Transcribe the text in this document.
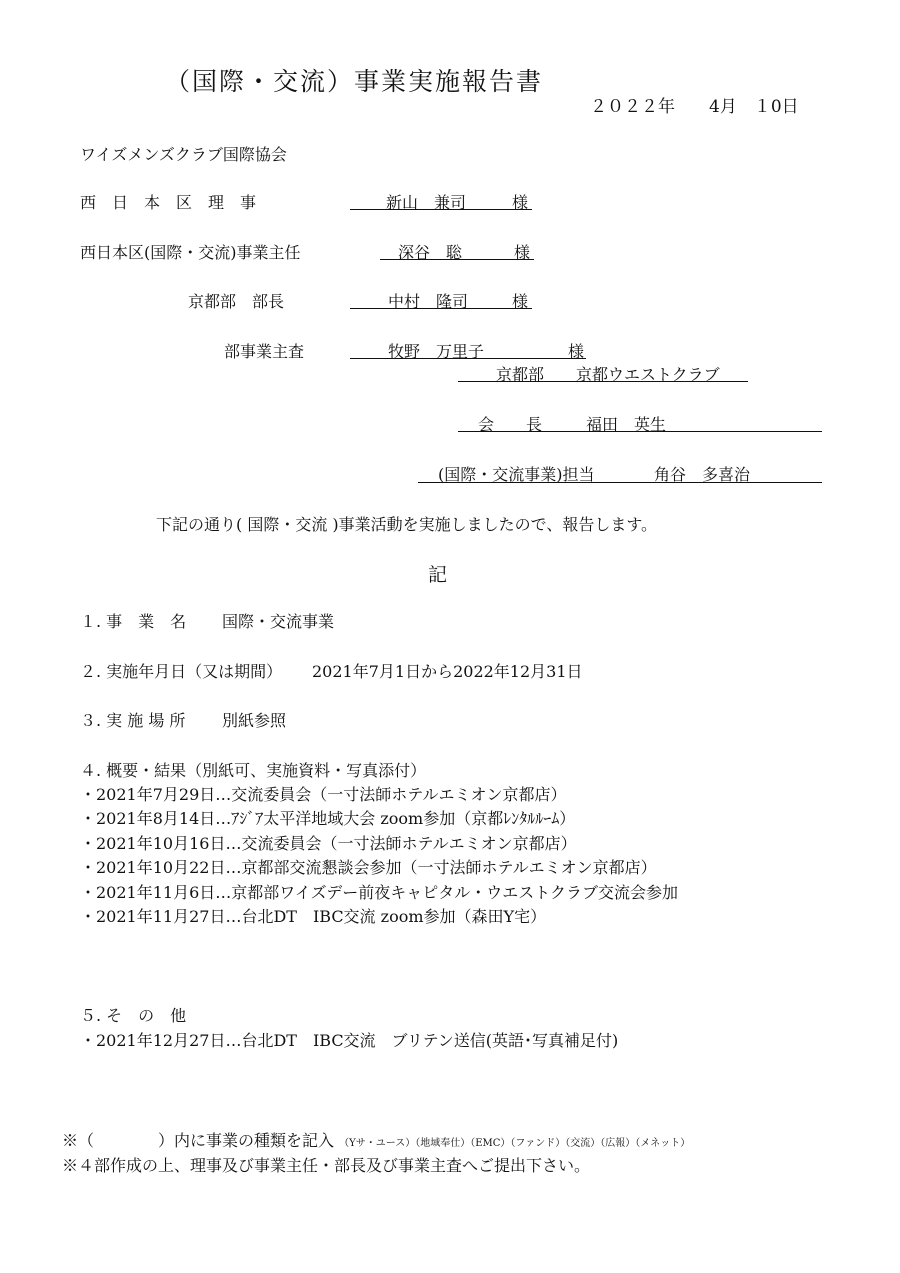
（国際・交流）事業実施報告書
２０２２年　　4月　１0日
ワイズメンズクラブ国際協会
西　日　本　区　理　事	新山　兼司	様

西日本区(国際・交流)事業主任	深谷　聡	様

京都部　部長	中村　隆司	様

部事業主査	牧野　万里子	様

京都部　　京都ウエストクラブ

会　　長	福田　英生

(国際・交流事業)担当	角谷　多喜治
下記の通り( 国際・交流 )事業活動を実施しましたので、報告します。
記
１. 事　業　名 国際・交流事業
２. 実施年月日（又は期間） 2021年7月1日から2022年12月31日
３. 実 施 場 所 別紙参照
４. 概要・結果（別紙可、実施資料・写真添付）
・2021年7月29日…交流委員会（一寸法師ホテルエミオン京都店）
・2021年8月14日…ｱｼﾞｱ太平洋地域大会 zoom参加（京都ﾚﾝﾀﾙﾙｰﾑ）
・2021年10月16日…交流委員会（一寸法師ホテルエミオン京都店）
・2021年10月22日…京都部交流懇談会参加（一寸法師ホテルエミオン京都店）
・2021年11月6日…京都部ワイズデー前夜キャピタル・ウエストクラブ交流会参加
・2021年11月27日…台北DT　IBC交流 zoom参加（森田Y宅）
５. そ　の　他
・2021年12月27日…台北DT　IBC交流　ブリテン送信(英語･写真補足付)
※（　　　　）内に事業の種類を記入 （Yサ・ユース）（地域奉仕）（EMC）（ファンド）（交流）（広報）（メネット）
※４部作成の上、理事及び事業主任・部長及び事業主査へご提出下さい。
